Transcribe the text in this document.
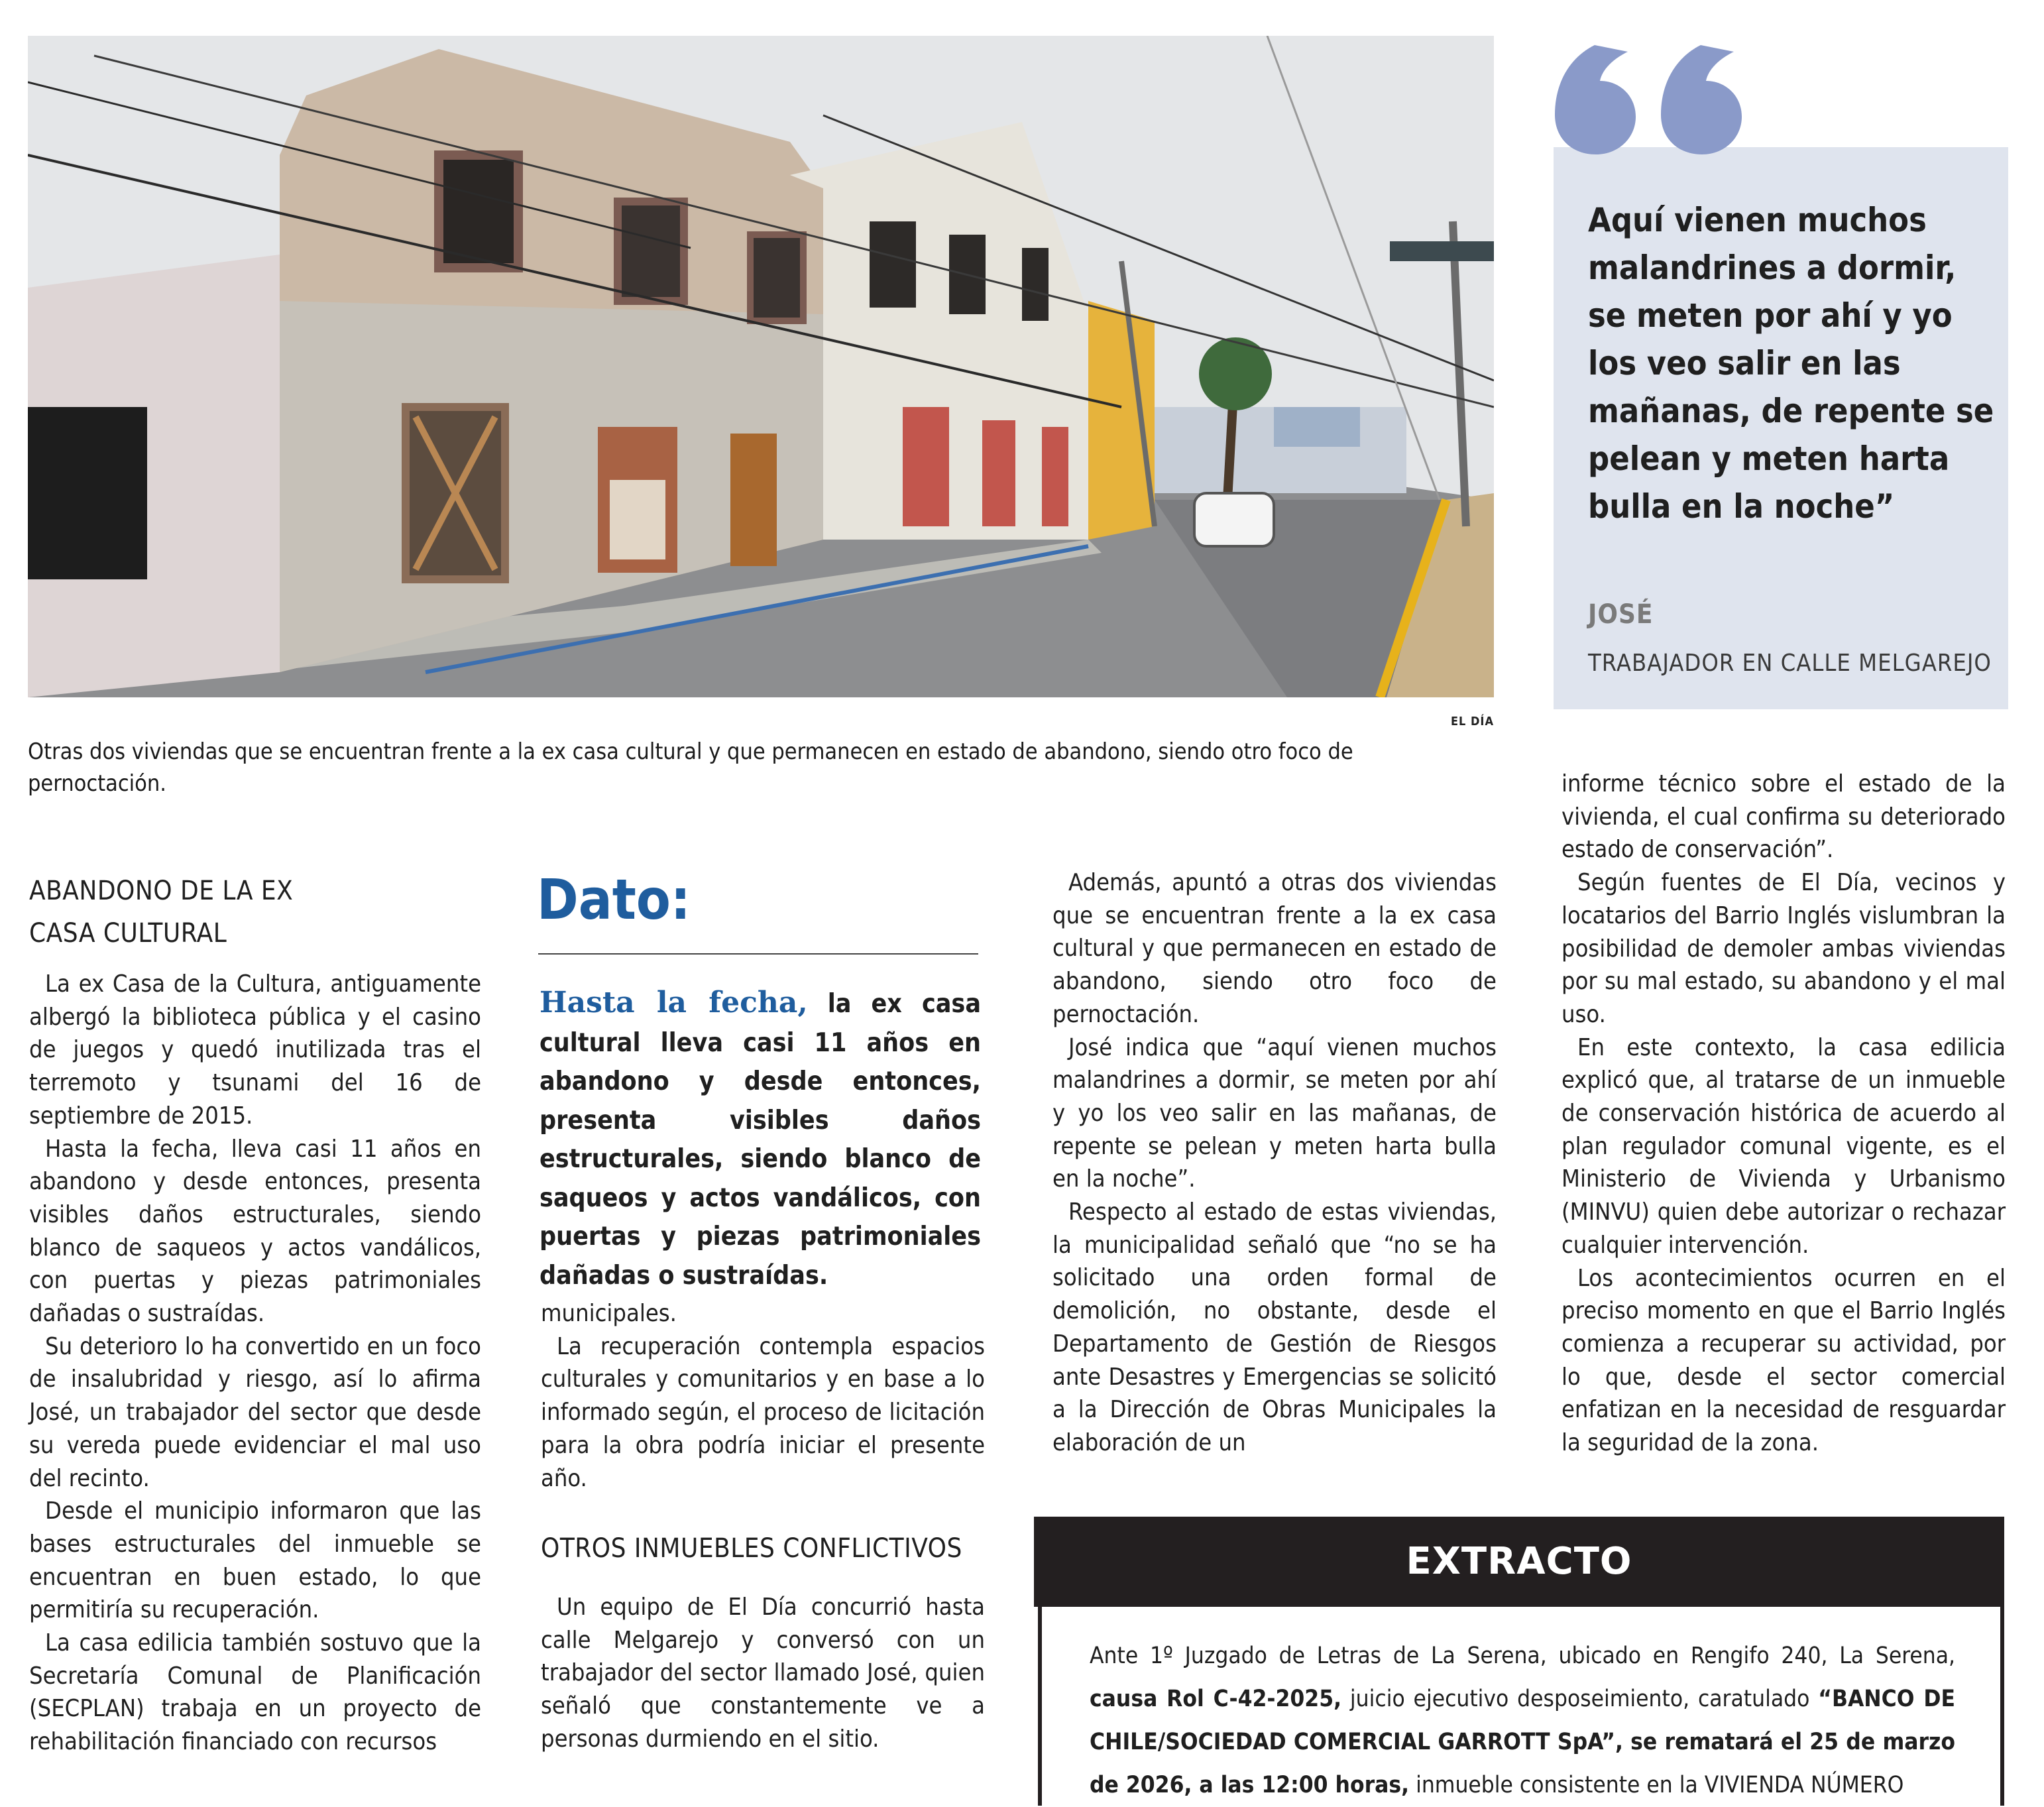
EL DÍA
Otras dos viviendas que se encuentran frente a la ex casa cultural y que permanecen en estado de abandono, siendo otro foco de pernoctación.
Aquí vienen muchos malandrines a dormir, se meten por ahí y yo los veo salir en las mañanas, de repente se pelean y meten harta bulla en la noche”
JOSÉ
TRABAJADOR EN CALLE MELGAREJO
ABANDONO DE LA EX
CASA CULTURAL

La ex Casa de la Cultura, antiguamente albergó la biblioteca pública y el casino de juegos y quedó inutilizada tras el terremoto y tsunami del 16 de septiembre de 2015.

Hasta la fecha, lleva casi 11 años en abandono y desde entonces, presenta visibles daños estructurales, siendo blanco de saqueos y actos vandálicos, con puertas y piezas patrimoniales dañadas o sustraídas.

Su deterioro lo ha convertido en un foco de insalubridad y riesgo, así lo afirma José, un trabajador del sector que desde su vereda puede evidenciar el mal uso del recinto.

Desde el municipio informaron que las bases estructurales del inmueble se encuentran en buen estado, lo que permitiría su recuperación.

La casa edilicia también sostuvo que la Secretaría Comunal de Planificación (SECPLAN) trabaja en un proyecto de rehabilitación financiado con recursos

Dato:
Hasta la fecha, la ex casa cultural lleva casi 11 años en abandono y desde entonces, presenta visibles daños estructurales, siendo blanco de saqueos y actos vandálicos, con puertas y piezas patrimoniales dañadas o sustraídas.

municipales.

La recuperación contempla espacios culturales y comunitarios y en base a lo informado según, el proceso de licitación para la obra podría iniciar el presente año.

OTROS INMUEBLES CONFLICTIVOS

Un equipo de El Día concurrió hasta calle Melgarejo y conversó con un trabajador del sector llamado José, quien señaló que constantemente ve a personas durmiendo en el sitio.

Además, apuntó a otras dos viviendas que se encuentran frente a la ex casa cultural y que permanecen en estado de abandono, siendo otro foco de pernoctación.

José indica que “aquí vienen muchos malandrines a dormir, se meten por ahí y yo los veo salir en las mañanas, de repente se pelean y meten harta bulla en la noche”.

Respecto al estado de estas viviendas, la municipalidad señaló que “no se ha solicitado una orden formal de demolición, no obstante, desde el Departamento de Gestión de Riesgos ante Desastres y Emergencias se solicitó a la Dirección de Obras Municipales la elaboración de un

informe técnico sobre el estado de la vivienda, el cual confirma su deteriorado estado de conservación”.

Según fuentes de El Día, vecinos y locatarios del Barrio Inglés vislumbran la posibilidad de demoler ambas viviendas por su mal estado, su abandono y el mal uso.

En este contexto, la casa edilicia explicó que, al tratarse de un inmueble de conservación histórica de acuerdo al plan regulador comunal vigente, es el Ministerio de Vivienda y Urbanismo (MINVU) quien debe autorizar o rechazar cualquier intervención.

Los acontecimientos ocurren en el preciso momento en que el Barrio Inglés comienza a recuperar su actividad, por lo que, desde el sector comercial enfatizan en la necesidad de resguardar la seguridad de la zona.

EXTRACTO
Ante 1º Juzgado de Letras de La Serena, ubicado en Rengifo 240, La Serena, causa Rol C-42-2025, juicio ejecutivo desposeimiento, caratulado “BANCO DE CHILE/SOCIEDAD COMERCIAL GARROTT SpA”, se rematará el 25 de marzo de 2026, a las 12:00 horas, inmueble consistente en la VIVIENDA NÚMERO
